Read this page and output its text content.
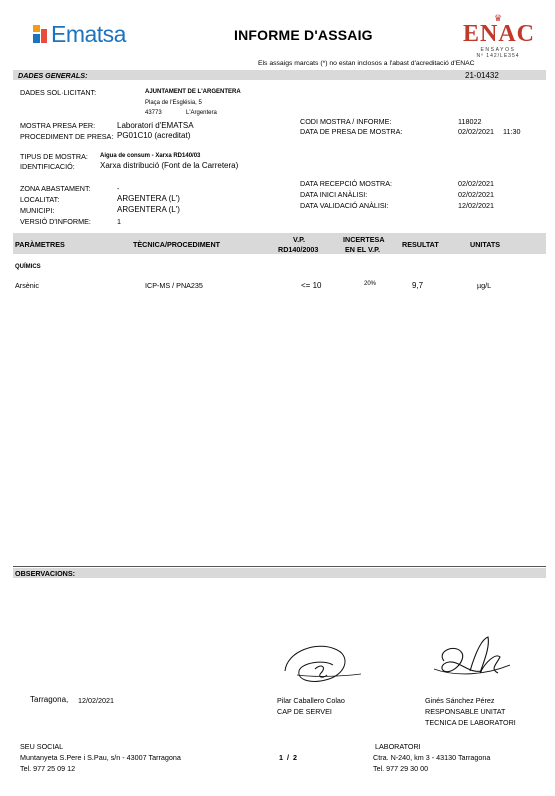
Ematsa	INFORME D'ASSAIG
♛
ENAC
ENSAYOS
Nº 142/LE354
Els assaigs marcats (*) no estan inclosos a l'abast d'acreditació d'ENAC
DADES GENERALS:	21-01432
DADES SOL·LICITANT:	AJUNTAMENT DE L'ARGENTERA
Plaça de l'Església, 5
43773	L'Argentera
MOSTRA PRESA PER:	Laboratori d'EMATSA
PROCEDIMENT DE PRESA: PG01C10 (acreditat)
CODI MOSTRA / INFORME:	118022
DATA DE PRESA DE MOSTRA:	02/02/2021 11:30
TIPUS DE MOSTRA: Aigua de consum - Xarxa RD140/03
IDENTIFICACIÓ:	Xarxa distribució (Font de la Carretera)
ZONA ABASTAMENT:	-
LOCALITAT:	ARGENTERA (L')
MUNICIPI:	ARGENTERA (L')
VERSIÓ D'INFORME:	1
DATA RECEPCIÓ MOSTRA:	02/02/2021
DATA INICI ANÀLISI:	02/02/2021
DATA VALIDACIÓ ANÀLISI:	12/02/2021
PARÀMETRES	TÈCNICA/PROCEDIMENT
V.P.
RD140/2003
INCERTESA
EN EL V.P.
RESULTAT	UNITATS
QUÍMICS
Arsènic	ICP-MS / PNA235	<= 10	20%	9,7	µg/L
OBSERVACIONS:
Tarragona, 12/02/2021	Pilar Caballero Colao
CAP DE SERVEI
Ginés Sánchez Pérez
RESPONSABLE UNITAT
TECNICA DE LABORATORI
SEU SOCIAL
Muntanyeta S.Pere i S.Pau, s/n - 43007 Tarragona
Tel. 977 25 09 12
1  /  2
LABORATORI
Ctra. N-240, km 3 - 43130 Tarragona
Tel. 977 29 30 00
